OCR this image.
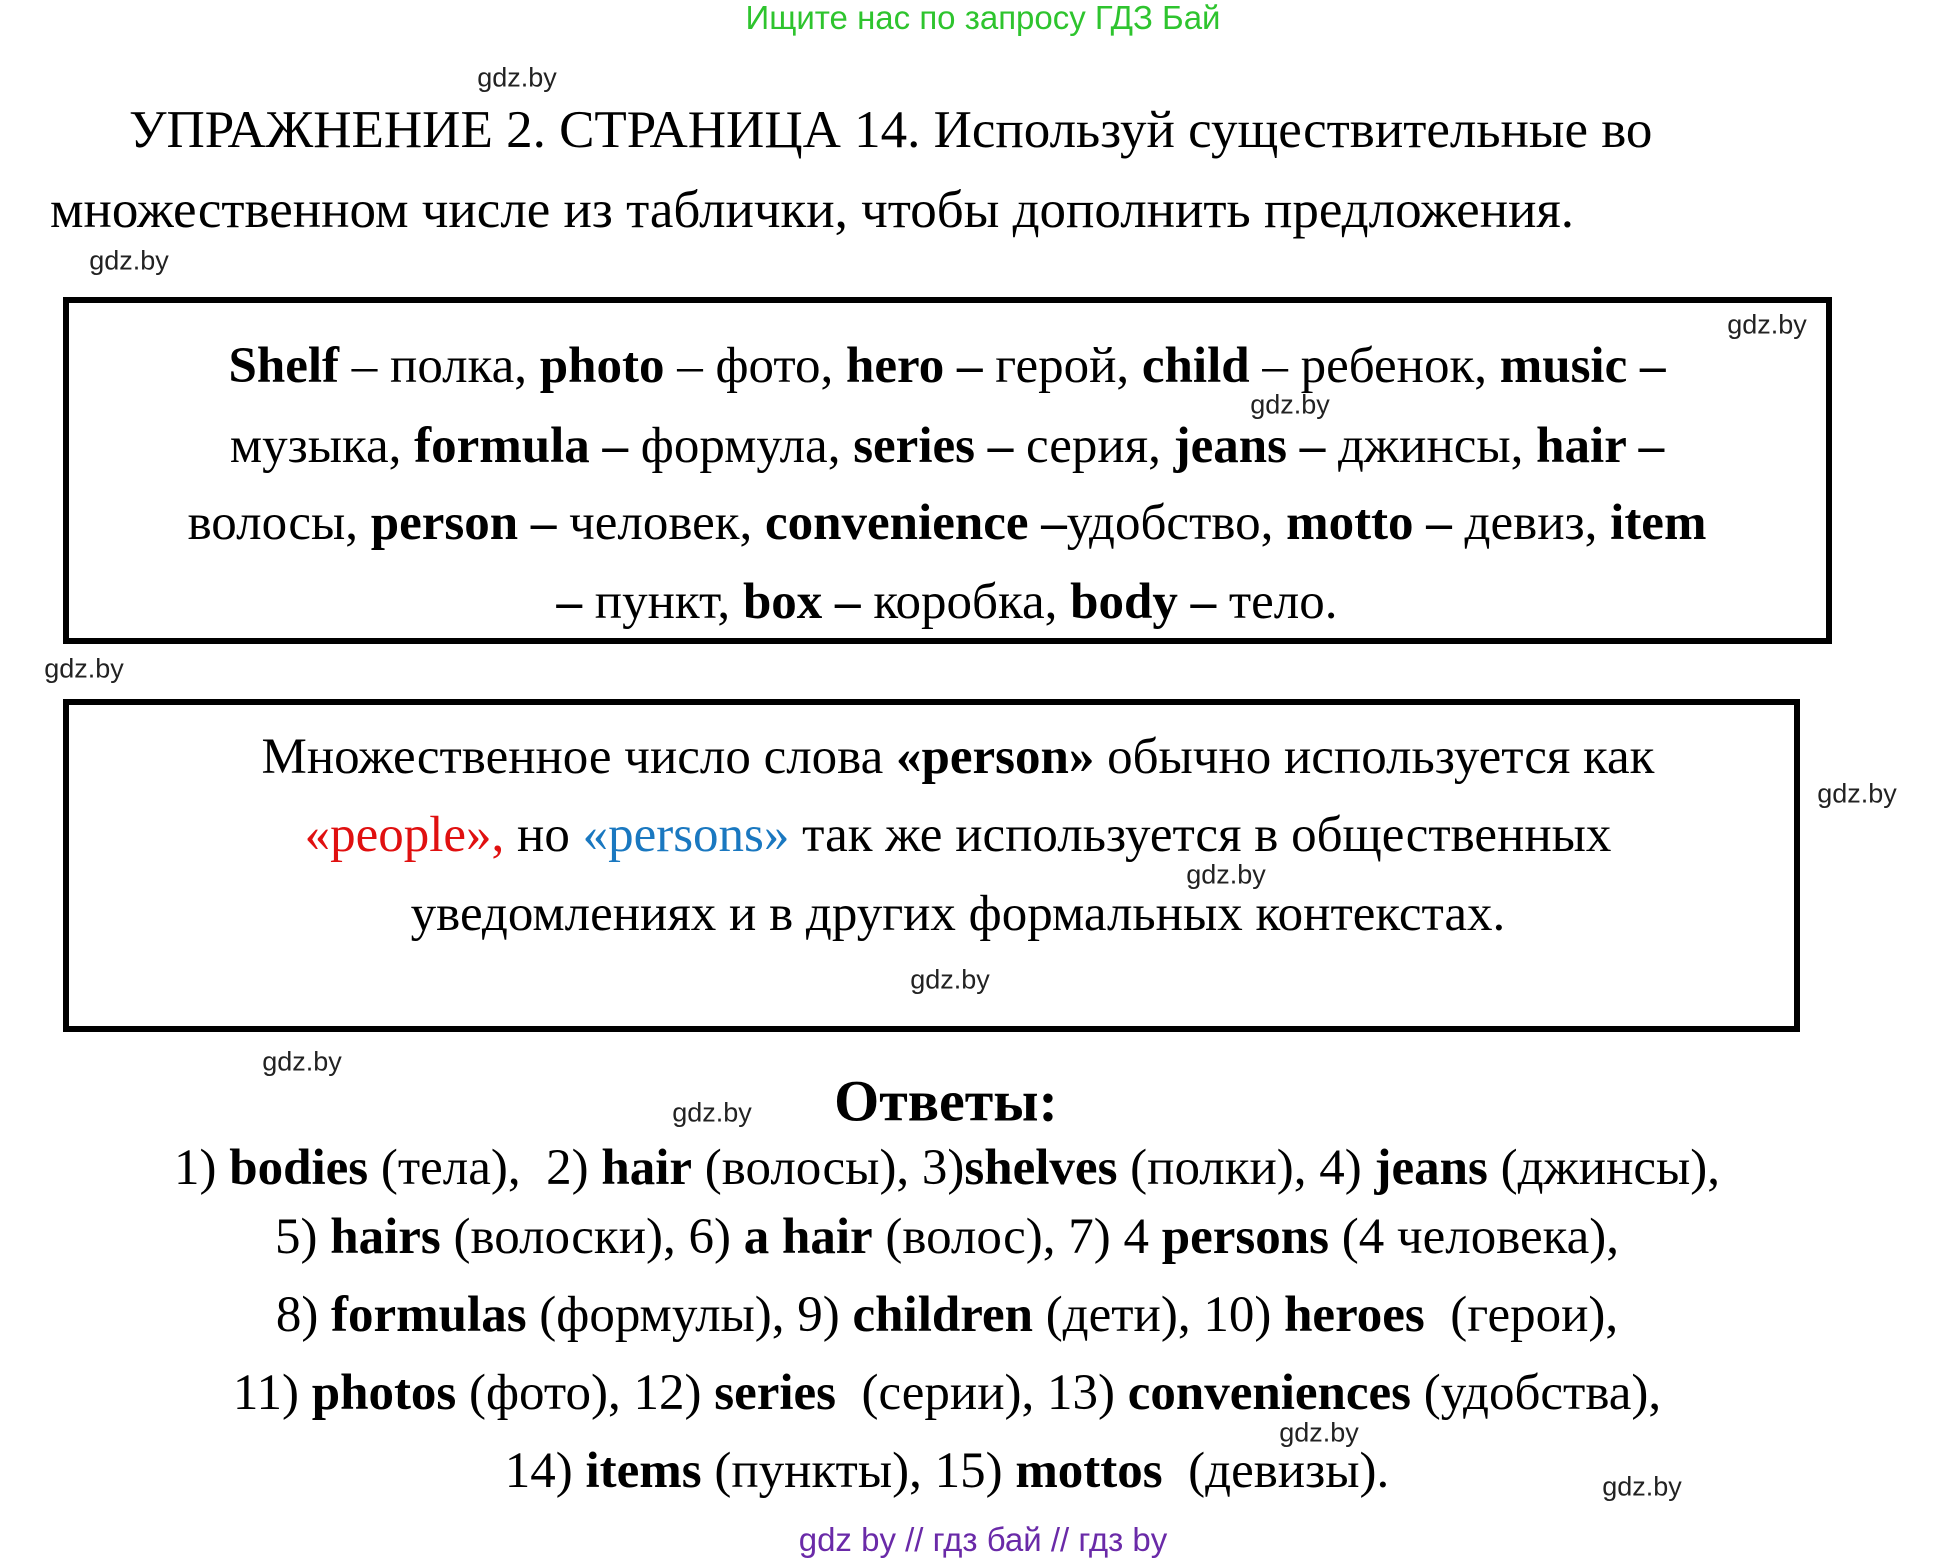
Ищите нас по запросу ГДЗ Бай
УПРАЖНЕНИЕ 2. СТРАНИЦА 14. Используй существительные во
множественном числе из таблички, чтобы дополнить предложения.
Shelf – полка, photo – фото, hero – герой, child – ребенок, music –
музыка, formula – формула, series – серия, jeans – джинсы, hair –
волосы, person – человек, convenience –удобство, motto – девиз, item
– пункт, box – коробка, body – тело.
Множественное число слова «person» обычно используется как
«people», но «persons» так же используется в общественных
уведомлениях и в других формальных контекстах.
Ответы:
1) bodies (тела),  2) hair (волосы), 3)shelves (полки), 4) jeans (джинсы),
5) hairs (волоски), 6) a hair (волос), 7) 4 persons (4 человека),
8) formulas (формулы), 9) children (дети), 10) heroes  (герои),
11) photos (фото), 12) series  (серии), 13) conveniences (удобства),
14) items (пункты), 15) mottos  (девизы).
gdz.by
gdz.by
gdz.by
gdz.by
gdz.by
gdz.by
gdz.by
gdz.by
gdz.by
gdz.by
gdz.by
gdz.by
gdz by // гдз бай // гдз by
